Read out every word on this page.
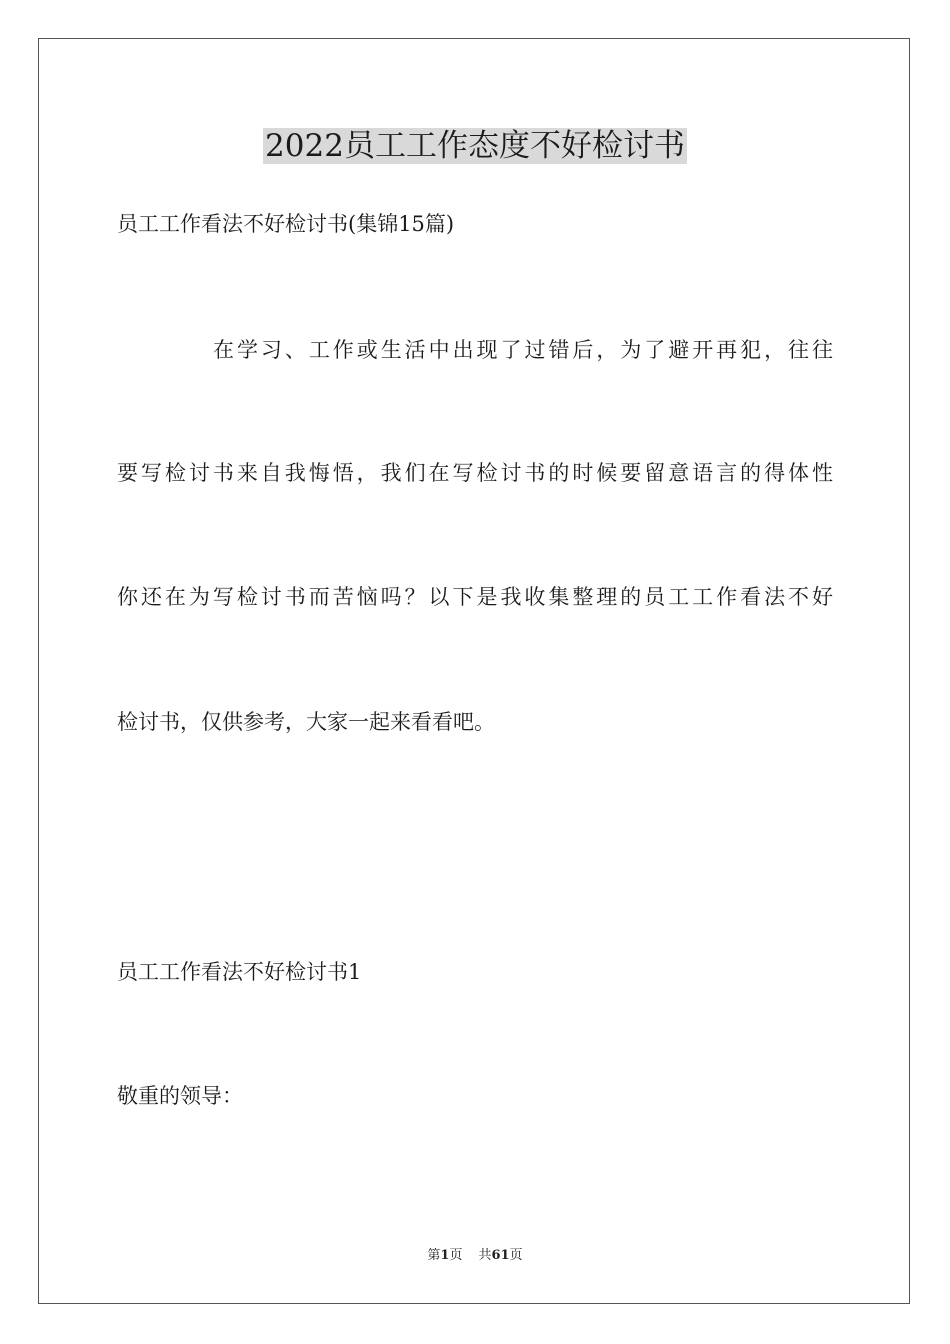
2022员工工作态度不好检讨书
员工工作看法不好检讨书(集锦15篇)
在学习、工作或生活中出现了过错后，为了避开再犯，往往
要写检讨书来自我悔悟，我们在写检讨书的时候要留意语言的得体性
你还在为写检讨书而苦恼吗？以下是我收集整理的员工工作看法不好
检讨书，仅供参考，大家一起来看看吧。
员工工作看法不好检讨书1
敬重的领导：
第1页 共61页
